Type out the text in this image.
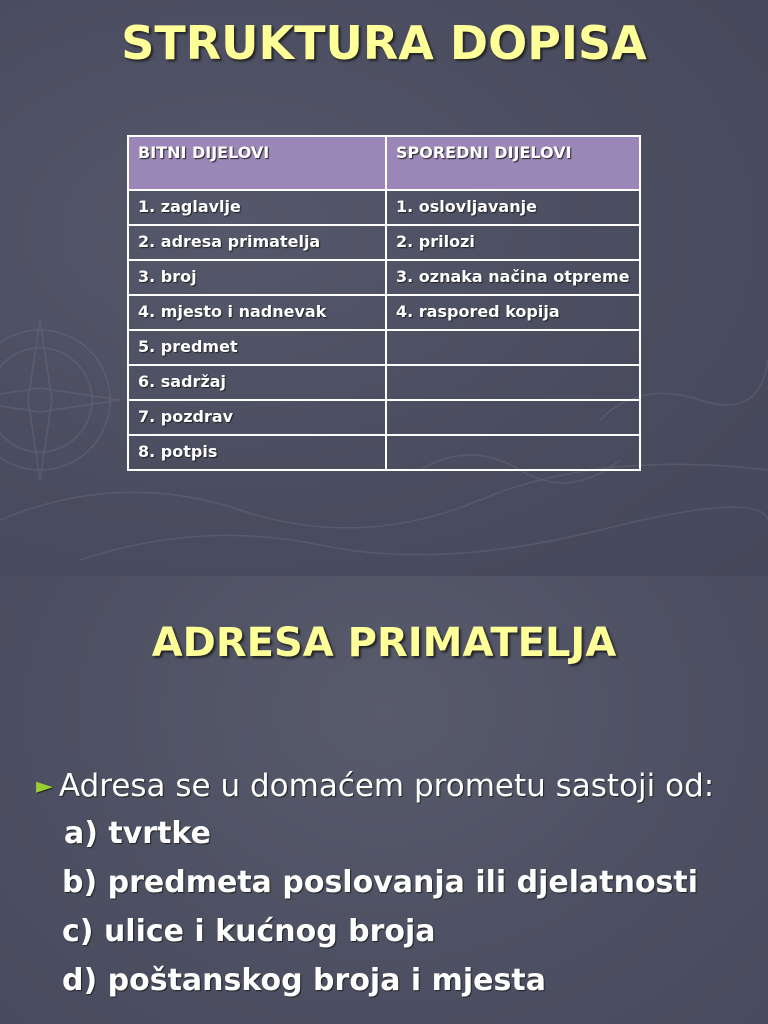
STRUKTURA DOPISA
BITNI DIJELOVI	SPOREDNI DIJELOVI
1. zaglavlje	1. oslovljavanje
2. adresa primatelja	2. prilozi
3. broj	3. oznaka načina otpreme
4. mjesto i nadnevak	4. raspored kopija
5. predmet	
6. sadržaj	
7. pozdrav	
8. potpis	
ADRESA PRIMATELJA
► Adresa se u domaćem prometu sastoji od:
a) tvrtke
b) predmeta poslovanja ili djelatnosti
c) ulice i kućnog broja
d) poštanskog broja i mjesta
